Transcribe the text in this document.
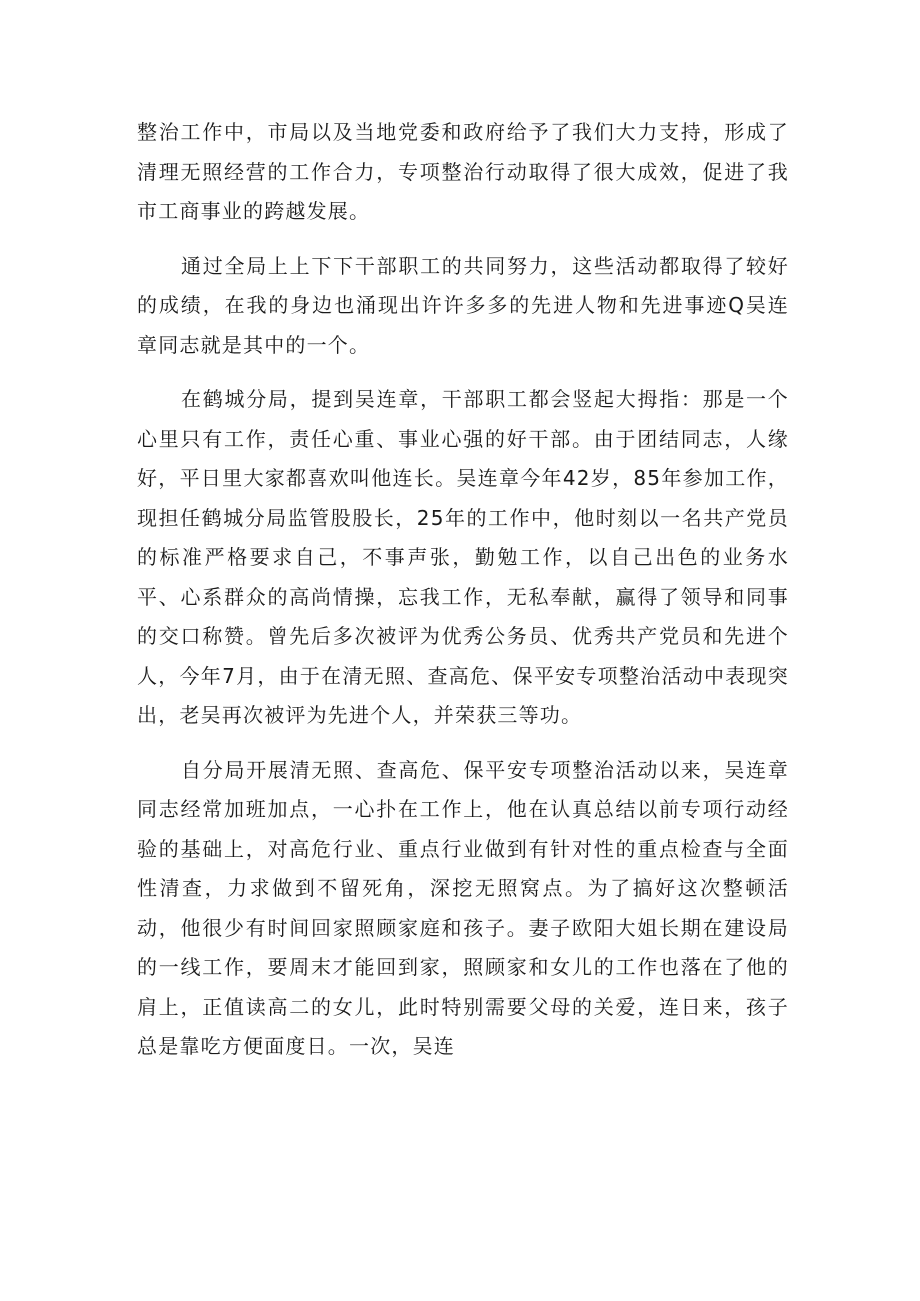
整治工作中，市局以及当地党委和政府给予了我们大力支持，形成了清理无照经营的工作合力，专项整治行动取得了很大成效，促进了我市工商事业的跨越发展。

通过全局上上下下干部职工的共同努力，这些活动都取得了较好的成绩，在我的身边也涌现出许许多多的先进人物和先进事迹Q吴连章同志就是其中的一个。

在鹤城分局，提到吴连章，干部职工都会竖起大拇指：那是一个心里只有工作，责任心重、事业心强的好干部。由于团结同志，人缘好，平日里大家都喜欢叫他连长。吴连章今年42岁，85年参加工作，现担任鹤城分局监管股股长，25年的工作中，他时刻以一名共产党员的标准严格要求自己，不事声张，勤勉工作，以自己出色的业务水平、心系群众的高尚情操，忘我工作，无私奉献，赢得了领导和同事的交口称赞。曾先后多次被评为优秀公务员、优秀共产党员和先进个人，今年7月，由于在清无照、查高危、保平安专项整治活动中表现突出，老吴再次被评为先进个人，并荣获三等功。

自分局开展清无照、查高危、保平安专项整治活动以来，吴连章同志经常加班加点，一心扑在工作上，他在认真总结以前专项行动经验的基础上，对高危行业、重点行业做到有针对性的重点检查与全面性清查，力求做到不留死角，深挖无照窝点。为了搞好这次整顿活动，他很少有时间回家照顾家庭和孩子。妻子欧阳大姐长期在建设局的一线工作，要周末才能回到家，照顾家和女儿的工作也落在了他的肩上，正值读高二的女儿，此时特别需要父母的关爱，连日来，孩子总是靠吃方便面度日。一次，吴连
